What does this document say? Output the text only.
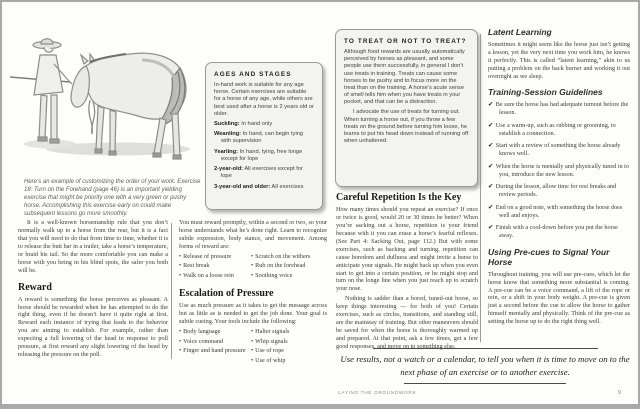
Here’s an example of customizing the order of your work. Exercise 18: Turn on the Forehand (page 46) is an important yielding exercise that might be priority one with a very green or pushy horse. Accomplishing this exercise early on could make subsequent lessons go more smoothly.

AGES AND STAGES

In-hand work is suitable for any age horse. Certain exercises are suitable for a horse of any age, while others are best used after a horse is 2 years old or older.

Suckling: In hand only
Weanling: In hand, can begin tying with supervision
Yearling: In hand, tying, free longe except for lope
2-year-old: All exercises except for lope
3-year-old and older: All exercises

It is a well-known horsemanship rule that you don’t normally walk up to a horse from the rear, but it is a fact that you will need to do that from time to time, whether it is to release the butt bar in a trailer, take a horse’s temperature, or braid his tail. So the more comfortable you can make a horse with you being in his blind spots, the safer you both will be.

Reward

A reward is something the horse perceives as pleasant. A horse should be rewarded when he has attempted to do the right thing, even if he doesn’t have it quite right at first. Reward each instance of trying that leads to the behavior you are aiming to establish. For example, rather than expecting a full lowering of the head in response to poll pressure, at first reward any slight lowering of the head by releasing the pressure on the poll.

You must reward promptly, within a second or two, so your horse understands what he’s done right. Learn to recognize subtle expression, body stance, and movement. Among forms of reward are:

• Release of pressure
• Rest break
• Walk on a loose rein
• Scratch on the withers
• Rub on the forehead
• Soothing voice
Escalation of Pressure

Use as much pressure as it takes to get the message across but as little as is needed to get the job done. Your goal is subtle cueing. Your tools include the following:

• Body language
• Voice command
• Finger and hand pressure
• Halter signals
• Whip signals
• Use of rope
• Use of whip

TO TREAT OR NOT TO TREAT?

Although food rewards are usually automatically perceived by horses as pleasant, and some people use them successfully, in general I don’t use treats in training. Treats can cause some horses to be pushy and to focus more on the treat than on the training. A horse’s acute sense of smell tells him when you have treats in your pocket, and that can be a distraction.

I advocate the use of treats for turning out. When turning a horse out, if you throw a few treats on the ground before turning him loose, he learns to put his head down instead of running off when unhaltered.

Careful Repetition Is the Key

How many times should you repeat an exercise? If once or twice is good, would 20 or 30 times be better? When you’re sacking out a horse, repetition is your friend because with it you can erase a horse’s fearful reflexes. (See Part 4: Sacking Out, page 112.) But with some exercises, such as backing and turning, repetition can cause boredom and dullness and might invite a horse to anticipate your signals. He might back up when you even start to get into a certain position, or he might stop and turn on the longe line when you just reach up to scratch your nose.

Nothing is sadder than a bored, tuned-out horse, so keep things interesting — for both of you! Certain exercises, such as circles, transitions, and standing still, are the mainstay of training. But other maneuvers should be saved for when the horse is thoroughly warmed up and prepared. At that point, ask a few times, get a few good responses, and move on to something else.

Latent Learning

Sometimes it might seem like the horse just isn’t getting a lesson, yet the very next time you work him, he knows it perfectly. This is called “latent learning,” akin to us putting a problem on the back burner and working it out overnight as we sleep.

Training-Session Guidelines
✔ Be sure the horse has had adequate turnout before the lesson.
✔ Use a warm-up, such as rubbing or grooming, to establish a connection.
✔ Start with a review of something the horse already knows well.
✔ When the horse is mentally and physically tuned in to you, introduce the new lesson.
✔ During the lesson, allow time for rest breaks and review periods.
✔ End on a good note, with something the horse does well and enjoys.
✔ Finish with a cool-down before you put the horse away.
Using Pre-cues to Signal Your Horse

Throughout training, you will use pre-cues, which let the horse know that something more substantial is coming. A pre-cue can be a voice command, a lift of the rope or rein, or a shift in your body weight. A pre-cue is given just a second before the cue to allow the horse to gather himself mentally and physically. Think of the pre-cue as setting the horse up to do the right thing well.

Use results, not a watch or a calendar, to tell you when it is time to move on to the next phase of an exercise or to another exercise.

LAYING THE GROUNDWORK	9
